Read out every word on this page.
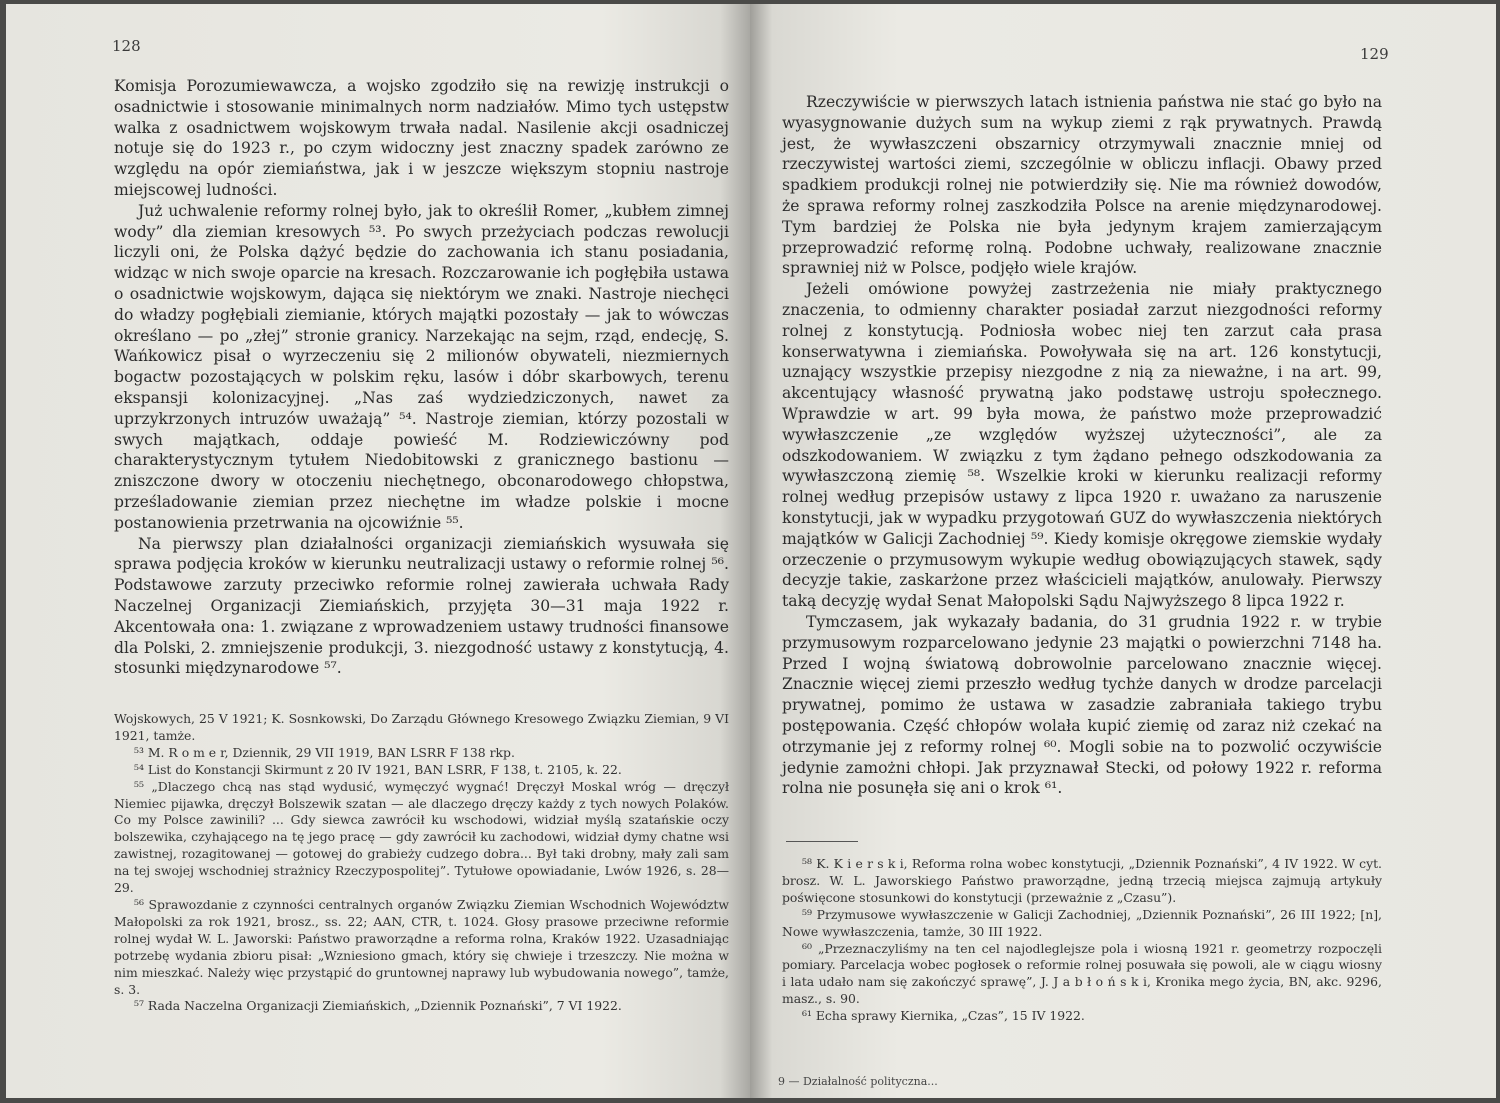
128

Komisja Porozumiewawcza, a wojsko zgodziło się na rewizję instrukcji o osadnictwie i stosowanie minimalnych norm nadziałów. Mimo tych ustępstw walka z osadnictwem wojskowym trwała nadal. Nasilenie akcji osadniczej notuje się do 1923 r., po czym widoczny jest znaczny spadek zarówno ze względu na opór ziemiaństwa, jak i w jeszcze większym stopniu nastroje miejscowej ludności.

Już uchwalenie reformy rolnej było, jak to określił Romer, „kubłem zimnej wody” dla ziemian kresowych ⁵³. Po swych przeżyciach podczas rewolucji liczyli oni, że Polska dążyć będzie do zachowania ich stanu posiadania, widząc w nich swoje oparcie na kresach. Rozczarowanie ich pogłębiła ustawa o osadnictwie wojskowym, dająca się niektórym we znaki. Nastroje niechęci do władzy pogłębiali ziemianie, których majątki pozostały — jak to wówczas określano — po „złej” stronie granicy. Narzekając na sejm, rząd, endecję, S. Wańkowicz pisał o wyrzeczeniu się 2 milionów obywateli, niezmiernych bogactw pozostających w polskim ręku, lasów i dóbr skarbowych, terenu ekspansji kolonizacyjnej. „Nas zaś wydziedziczonych, nawet za uprzykrzonych intruzów uważają” ⁵⁴. Nastroje ziemian, którzy pozostali w swych majątkach, oddaje powieść M. Rodziewiczówny pod charakterystycznym tytułem Niedobitowski z granicznego bastionu — zniszczone dwory w otoczeniu niechętnego, obconarodowego chłopstwa, prześladowanie ziemian przez niechętne im władze polskie i mocne postanowienia przetrwania na ojcowiźnie ⁵⁵.

Na pierwszy plan działalności organizacji ziemiańskich wysuwała się sprawa podjęcia kroków w kierunku neutralizacji ustawy o reformie rolnej ⁵⁶. Podstawowe zarzuty przeciwko reformie rolnej zawierała uchwała Rady Naczelnej Organizacji Ziemiańskich, przyjęta 30—31 maja 1922 r. Akcentowała ona: 1. związane z wprowadzeniem ustawy trudności finansowe dla Polski, 2. zmniejszenie produkcji, 3. niezgodność ustawy z konstytucją, 4. stosunki międzynarodowe ⁵⁷.

Wojskowych, 25 V 1921; K. Sosnkowski, Do Zarządu Głównego Kresowego Związku Ziemian, 9 VI 1921, tamże.

⁵³ M. R o m e r, Dziennik, 29 VII 1919, BAN LSRR F 138 rkp.

⁵⁴ List do Konstancji Skirmunt z 20 IV 1921, BAN LSRR, F 138, t. 2105, k. 22.

⁵⁵ „Dlaczego chcą nas stąd wydusić, wymęczyć wygnać! Dręczył Moskal wróg — dręczył Niemiec pijawka, dręczył Bolszewik szatan — ale dlaczego dręczy każdy z tych nowych Polaków. Co my Polsce zawinili? ... Gdy siewca zawrócił ku wschodowi, widział myślą szatańskie oczy bolszewika, czyhającego na tę jego pracę — gdy zawrócił ku zachodowi, widział dymy chatne wsi zawistnej, rozagitowanej — gotowej do grabieży cudzego dobra... Był taki drobny, mały zali sam na tej swojej wschodniej strażnicy Rzeczypospolitej”. Tytułowe opowiadanie, Lwów 1926, s. 28—29.

⁵⁶ Sprawozdanie z czynności centralnych organów Związku Ziemian Wschodnich Województw Małopolski za rok 1921, brosz., ss. 22; AAN, CTR, t. 1024. Głosy prasowe przeciwne reformie rolnej wydał W. L. Jaworski: Państwo praworządne a reforma rolna, Kraków 1922. Uzasadniając potrzebę wydania zbioru pisał: „Wzniesiono gmach, który się chwieje i trzeszczy. Nie można w nim mieszkać. Należy więc przystąpić do gruntownej naprawy lub wybudowania nowego”, tamże, s. 3.

⁵⁷ Rada Naczelna Organizacji Ziemiańskich, „Dziennik Poznański”, 7 VI 1922.

129

Rzeczywiście w pierwszych latach istnienia państwa nie stać go było na wyasygnowanie dużych sum na wykup ziemi z rąk prywatnych. Prawdą jest, że wywłaszczeni obszarnicy otrzymywali znacznie mniej od rzeczywistej wartości ziemi, szczególnie w obliczu inflacji. Obawy przed spadkiem produkcji rolnej nie potwierdziły się. Nie ma również dowodów, że sprawa reformy rolnej zaszkodziła Polsce na arenie międzynarodowej. Tym bardziej że Polska nie była jedynym krajem zamierzającym przeprowadzić reformę rolną. Podobne uchwały, realizowane znacznie sprawniej niż w Polsce, podjęło wiele krajów.

Jeżeli omówione powyżej zastrzeżenia nie miały praktycznego znaczenia, to odmienny charakter posiadał zarzut niezgodności reformy rolnej z konstytucją. Podniosła wobec niej ten zarzut cała prasa konserwatywna i ziemiańska. Powoływała się na art. 126 konstytucji, uznający wszystkie przepisy niezgodne z nią za nieważne, i na art. 99, akcentujący własność prywatną jako podstawę ustroju społecznego. Wprawdzie w art. 99 była mowa, że państwo może przeprowadzić wywłaszczenie „ze względów wyższej użyteczności”, ale za odszkodowaniem. W związku z tym żądano pełnego odszkodowania za wywłaszczoną ziemię ⁵⁸. Wszelkie kroki w kierunku realizacji reformy rolnej według przepisów ustawy z lipca 1920 r. uważano za naruszenie konstytucji, jak w wypadku przygotowań GUZ do wywłaszczenia niektórych majątków w Galicji Zachodniej ⁵⁹. Kiedy komisje okręgowe ziemskie wydały orzeczenie o przymusowym wykupie według obowiązujących stawek, sądy decyzje takie, zaskarżone przez właścicieli majątków, anulowały. Pierwszy taką decyzję wydał Senat Małopolski Sądu Najwyższego 8 lipca 1922 r.

Tymczasem, jak wykazały badania, do 31 grudnia 1922 r. w trybie przymusowym rozparcelowano jedynie 23 majątki o powierzchni 7148 ha. Przed I wojną światową dobrowolnie parcelowano znacznie więcej. Znacznie więcej ziemi przeszło według tychże danych w drodze parcelacji prywatnej, pomimo że ustawa w zasadzie zabraniała takiego trybu postępowania. Część chłopów wolała kupić ziemię od zaraz niż czekać na otrzymanie jej z reformy rolnej ⁶⁰. Mogli sobie na to pozwolić oczywiście jedynie zamożni chłopi. Jak przyznawał Stecki, od połowy 1922 r. reforma rolna nie posunęła się ani o krok ⁶¹.

⁵⁸ K. K i e r s k i, Reforma rolna wobec konstytucji, „Dziennik Poznański”, 4 IV 1922. W cyt. brosz. W. L. Jaworskiego Państwo praworządne, jedną trzecią miejsca zajmują artykuły poświęcone stosunkowi do konstytucji (przeważnie z „Czasu”).

⁵⁹ Przymusowe wywłaszczenie w Galicji Zachodniej, „Dziennik Poznański”, 26 III 1922; [n], Nowe wywłaszczenia, tamże, 30 III 1922.

⁶⁰ „Przeznaczyliśmy na ten cel najodleglejsze pola i wiosną 1921 r. geometrzy rozpoczęli pomiary. Parcelacja wobec pogłosek o reformie rolnej posuwała się powoli, ale w ciągu wiosny i lata udało nam się zakończyć sprawę”, J. J a b ł o ń s k i, Kronika mego życia, BN, akc. 9296, masz., s. 90.

⁶¹ Echa sprawy Kiernika, „Czas”, 15 IV 1922.

9 — Działalność polityczna...
